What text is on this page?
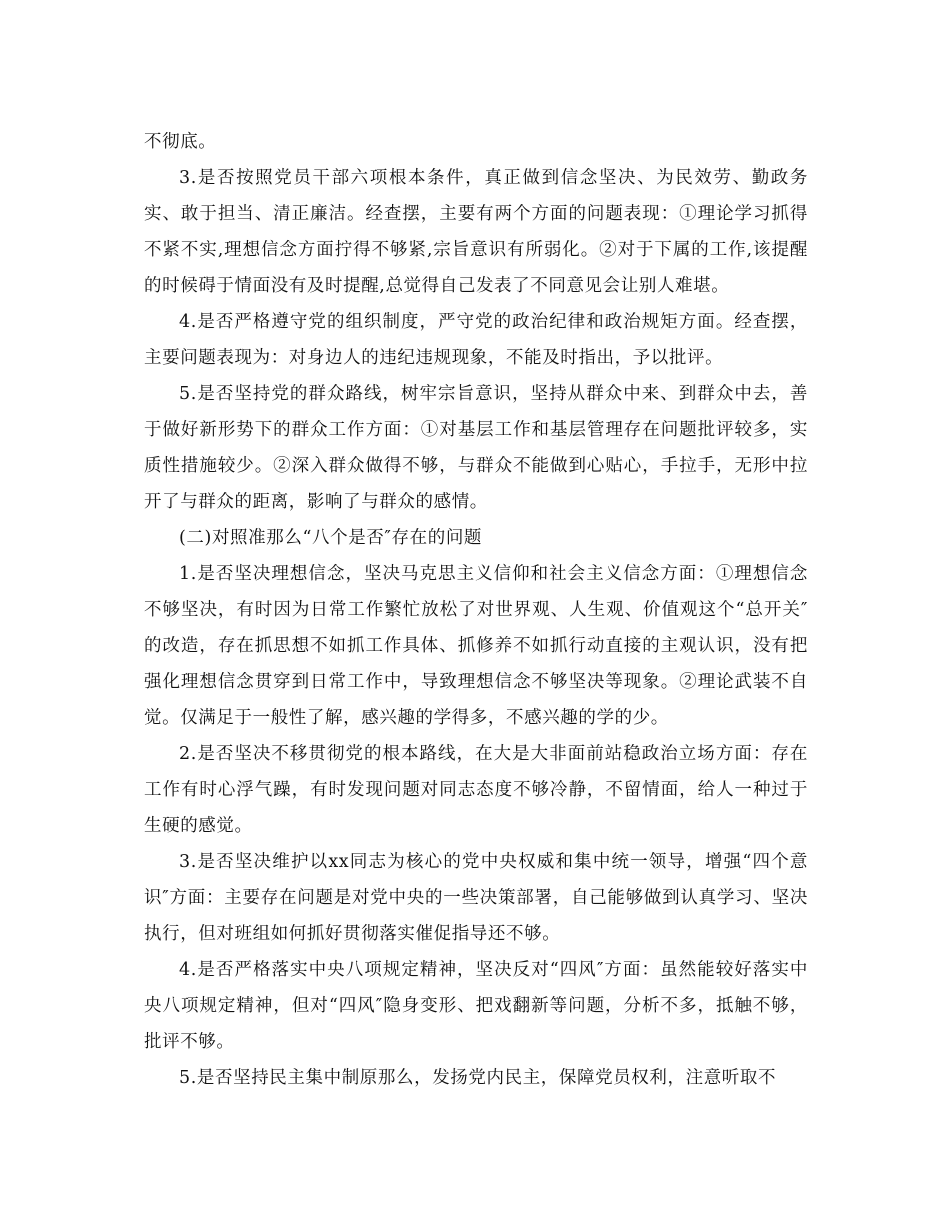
不彻底。

3.是否按照党员干部六项根本条件，真正做到信念坚决、为民效劳、勤政务实、敢于担当、清正廉洁。经查摆，主要有两个方面的问题表现：①理论学习抓得不紧不实,理想信念方面拧得不够紧,宗旨意识有所弱化。②对于下属的工作,该提醒的时候碍于情面没有及时提醒,总觉得自己发表了不同意见会让别人难堪。

4.是否严格遵守党的组织制度，严守党的政治纪律和政治规矩方面。经查摆，主要问题表现为：对身边人的违纪违规现象，不能及时指出，予以批评。

5.是否坚持党的群众路线，树牢宗旨意识，坚持从群众中来、到群众中去，善于做好新形势下的群众工作方面：①对基层工作和基层管理存在问题批评较多，实质性措施较少。②深入群众做得不够，与群众不能做到心贴心，手拉手，无形中拉开了与群众的距离，影响了与群众的感情。

(二)对照准那么“八个是否″存在的问题

1.是否坚决理想信念，坚决马克思主义信仰和社会主义信念方面：①理想信念不够坚决，有时因为日常工作繁忙放松了对世界观、人生观、价值观这个“总开关″的改造，存在抓思想不如抓工作具体、抓修养不如抓行动直接的主观认识，没有把强化理想信念贯穿到日常工作中，导致理想信念不够坚决等现象。②理论武装不自觉。仅满足于一般性了解，感兴趣的学得多，不感兴趣的学的少。

2.是否坚决不移贯彻党的根本路线，在大是大非面前站稳政治立场方面：存在工作有时心浮气躁，有时发现问题对同志态度不够冷静，不留情面，给人一种过于生硬的感觉。

3.是否坚决维护以xx同志为核心的党中央权威和集中统一领导，增强“四个意识″方面：主要存在问题是对党中央的一些决策部署，自己能够做到认真学习、坚决执行，但对班组如何抓好贯彻落实催促指导还不够。

4.是否严格落实中央八项规定精神，坚决反对“四风″方面：虽然能较好落实中央八项规定精神，但对“四风″隐身变形、把戏翻新等问题，分析不多，抵触不够，批评不够。

5.是否坚持民主集中制原那么，发扬党内民主，保障党员权利，注意听取不
